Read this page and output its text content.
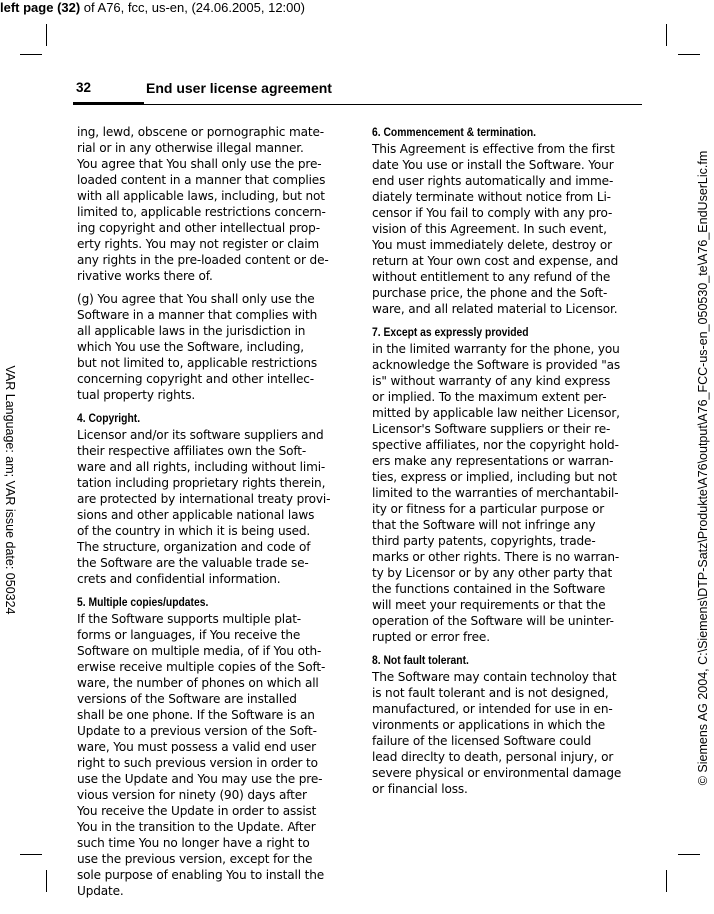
left page (32) of A76, fcc, us-en, (24.06.2005, 12:00)
VAR Language: am; VAR issue date: 050324	© Siemens AG 2004, C:\Siemens\DTP-Satz\Produkte\A76\output\A76_FCC-us-en_050530_te\A76_EndUserLic.fm
32	End user license agreement
ing, lewd, obscene or pornographic mate-
rial or in any otherwise illegal manner.
You agree that You shall only use the pre-
loaded content in a manner that complies
with all applicable laws, including, but not
limited to, applicable restrictions concern-
ing copyright and other intellectual prop-
erty rights. You may not register or claim
any rights in the pre-loaded content or de-
rivative works there of.
(g) You agree that You shall only use the
Software in a manner that complies with
all applicable laws in the jurisdiction in
which You use the Software, including,
but not limited to, applicable restrictions
concerning copyright and other intellec-
tual property rights.
4. Copyright.
Licensor and/or its software suppliers and
their respective affiliates own the Soft-
ware and all rights, including without limi-
tation including proprietary rights therein,
are protected by international treaty provi-
sions and other applicable national laws
of the country in which it is being used.
The structure, organization and code of
the Software are the valuable trade se-
crets and confidential information.
5. Multiple copies/updates.
If the Software supports multiple plat-
forms or languages, if You receive the
Software on multiple media, of if You oth-
erwise receive multiple copies of the Soft-
ware, the number of phones on which all
versions of the Software are installed
shall be one phone. If the Software is an
Update to a previous version of the Soft-
ware, You must possess a valid end user
right to such previous version in order to
use the Update and You may use the pre-
vious version for ninety (90) days after
You receive the Update in order to assist
You in the transition to the Update. After
such time You no longer have a right to
use the previous version, except for the
sole purpose of enabling You to install the
Update.
6. Commencement & termination.
This Agreement is effective from the first
date You use or install the Software. Your
end user rights automatically and imme-
diately terminate without notice from Li-
censor if You fail to comply with any pro-
vision of this Agreement. In such event,
You must immediately delete, destroy or
return at Your own cost and expense, and
without entitlement to any refund of the
purchase price, the phone and the Soft-
ware, and all related material to Licensor.
7. Except as expressly provided
in the limited warranty for the phone, you
acknowledge the Software is provided "as
is" without warranty of any kind express
or implied. To the maximum extent per-
mitted by applicable law neither Licensor,
Licensor's Software suppliers or their re-
spective affiliates, nor the copyright hold-
ers make any representations or warran-
ties, express or implied, including but not
limited to the warranties of merchantabil-
ity or fitness for a particular purpose or
that the Software will not infringe any
third party patents, copyrights, trade-
marks or other rights. There is no warran-
ty by Licensor or by any other party that
the functions contained in the Software
will meet your requirements or that the
operation of the Software will be uninter-
rupted or error free.
8. Not fault tolerant.
The Software may contain technoloy that
is not fault tolerant and is not designed,
manufactured, or intended for use in en-
vironments or applications in which the
failure of the licensed Software could
lead direclty to death, personal injury, or
severe physical or environmental damage
or financial loss.
